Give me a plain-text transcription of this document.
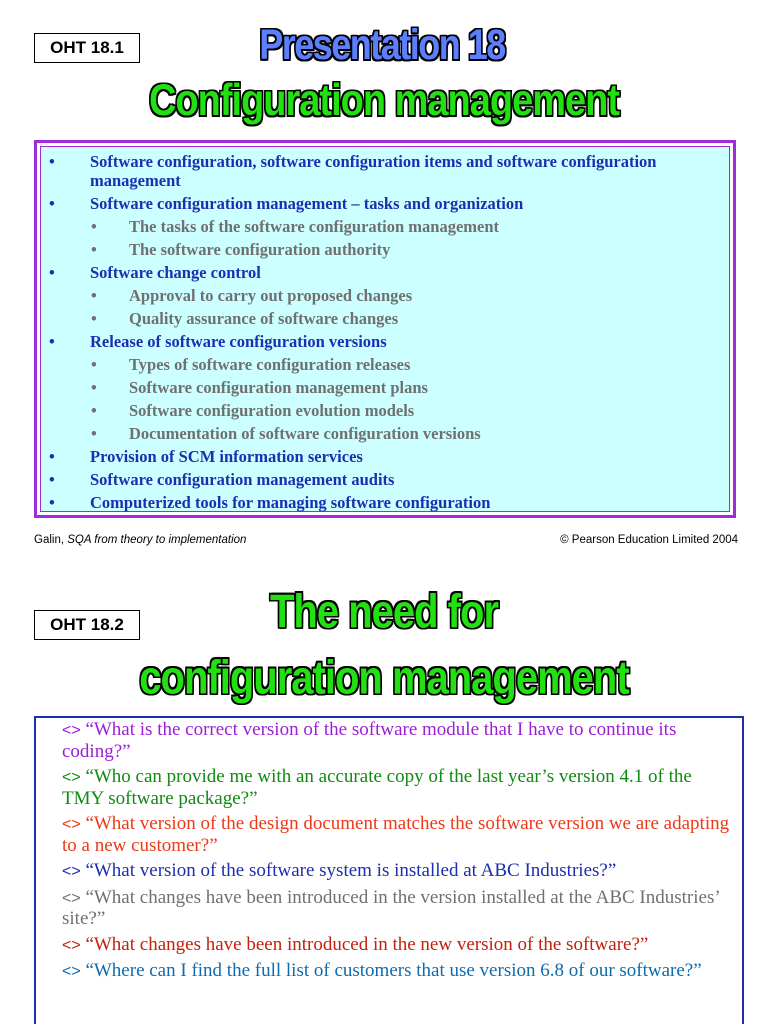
OHT 18.1	Presentation 18
Configuration management
• Software configuration, software configuration items and software configuration management
• Software configuration management – tasks and organization
• The tasks of the software configuration management
• The software configuration authority
• Software change control
• Approval to carry out proposed changes
• Quality assurance of software changes
• Release of software configuration versions
• Types of software configuration releases
• Software configuration management plans
• Software configuration evolution models
• Documentation of software configuration versions
• Provision of SCM information services
• Software configuration management audits
• Computerized tools for managing software configuration
Galin, SQA from theory to implementation	© Pearson Education Limited 2004
OHT 18.2	The need for
configuration management
<> “What is the correct version of the software module that I have to continue its coding?”
<> “Who can provide me with an accurate copy of the last year’s version 4.1 of the TMY software package?”
<> “What version of the design document matches the software version we are adapting to a new customer?”
<> “What version of the software system is installed at ABC Industries?”
<> “What changes have been introduced in the version installed at the ABC Industries’ site?”
<> “What changes have been introduced in the new version of the software?”
<> “Where can I find the full list of customers that use version 6.8 of our software?”
